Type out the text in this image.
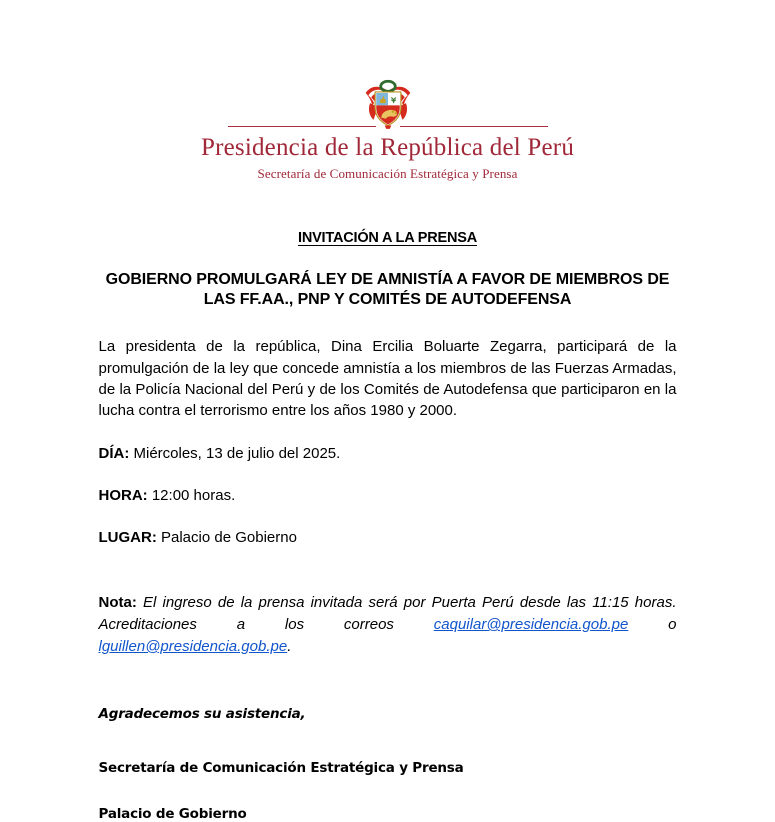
Presidencia de la República del Perú

Secretaría de Comunicación Estratégica y Prensa

INVITACIÓN A LA PRENSA

GOBIERNO PROMULGARÁ LEY DE AMNISTÍA A FAVOR DE MIEMBROS DE LAS FF.AA., PNP Y COMITÉS DE AUTODEFENSA

La presidenta de la república, Dina Ercilia Boluarte Zegarra, participará de la promulgación de la ley que concede amnistía a los miembros de las Fuerzas Armadas, de la Policía Nacional del Perú y de los Comités de Autodefensa que participaron en la lucha contra el terrorismo entre los años 1980 y 2000.

DÍA: Miércoles, 13 de julio del 2025.

HORA: 12:00 horas.

LUGAR: Palacio de Gobierno

Nota: El ingreso de la prensa invitada será por Puerta Perú desde las 11:15 horas. Acreditaciones a los correos	caquilar@presidencia.gob.pe	o lguillen@presidencia.gob.pe.

Agradecemos su asistencia,

Secretaría de Comunicación Estratégica y Prensa

Palacio de Gobierno
